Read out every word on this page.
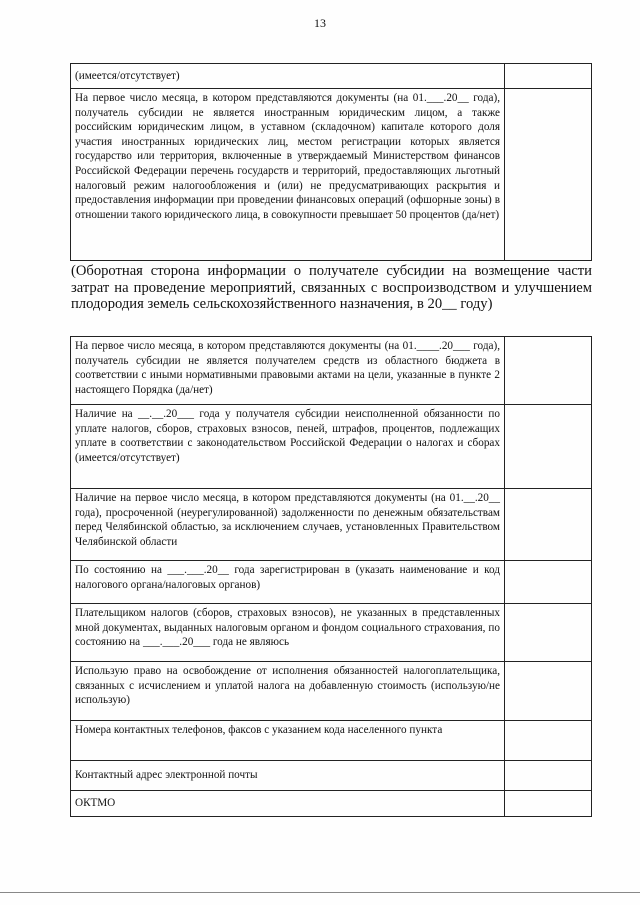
13
(имеется/отсутствует)	
На первое число месяца, в котором представляются документы (на 01.___.20__ года), получатель субсидии не является иностранным юридическим лицом, а также российским юридическим лицом, в уставном (складочном) капитале которого доля участия иностранных юридических лиц, местом регистрации которых является государство или территория, включенные в утверждаемый Министерством финансов Российской Федерации перечень государств и территорий, предоставляющих льготный налоговый режим налогообложения и (или) не предусматривающих раскрытия и предоставления информации при проведении финансовых операций (офшорные зоны) в отношении такого юридического лица, в совокупности превышает 50 процентов (да/нет)	
(Оборотная сторона информации о получателе субсидии на возмещение части затрат на проведение мероприятий, связанных с воспроизводством и улучшением плодородия земель сельскохозяйственного назначения, в 20__ году)
На первое число месяца, в котором представляются документы (на 01.____.20___ года), получатель субсидии не является получателем средств из областного бюджета в соответствии с иными нормативными правовыми актами на цели, указанные в пункте 2 настоящего Порядка (да/нет)	
Наличие на __.__.20___ года у получателя субсидии неисполненной обязанности по уплате налогов, сборов, страховых взносов, пеней, штрафов, процентов, подлежащих уплате в соответствии с законодательством Российской Федерации о налогах и сборах (имеется/отсутствует)	
Наличие на первое число месяца, в котором представляются документы (на 01.__.20__ года), просроченной (неурегулированной) задолженности по денежным обязательствам перед Челябинской областью, за исключением случаев, установленных Правительством Челябинской области	
По состоянию на ___.___.20__ года зарегистрирован в (указать наименование и код налогового органа/налоговых органов)	
Плательщиком налогов (сборов, страховых взносов), не указанных в представленных мной документах, выданных налоговым органом и фондом социального страхования, по состоянию на ___.___.20___ года не являюсь	
Использую право на освобождение от исполнения обязанностей налогоплательщика, связанных с исчислением и уплатой налога на добавленную стоимость (использую/не использую)	
Номера контактных телефонов, факсов с указанием кода населенного пункта	
Контактный адрес электронной почты	
ОКТМО	
